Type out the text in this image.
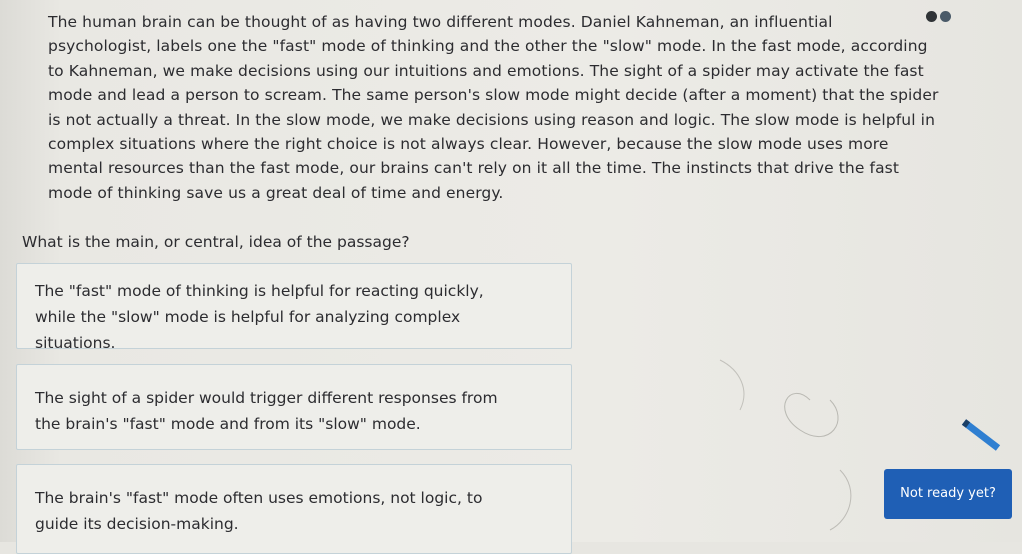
The human brain can be thought of as having two different modes. Daniel Kahneman, an influential
psychologist, labels one the "fast" mode of thinking and the other the "slow" mode. In the fast mode, according
to Kahneman, we make decisions using our intuitions and emotions. The sight of a spider may activate the fast
mode and lead a person to scream. The same person's slow mode might decide (after a moment) that the spider
is not actually a threat. In the slow mode, we make decisions using reason and logic. The slow mode is helpful in
complex situations where the right choice is not always clear. However, because the slow mode uses more
mental resources than the fast mode, our brains can't rely on it all the time. The instincts that drive the fast
mode of thinking save us a great deal of time and energy.

What is the main, or central, idea of the passage?

The "fast" mode of thinking is helpful for reacting quickly,
while the "slow" mode is helpful for analyzing complex
situations.
The sight of a spider would trigger different responses from
the brain's "fast" mode and from its "slow" mode.
The brain's "fast" mode often uses emotions, not logic, to
guide its decision-making.
Not ready yet?
